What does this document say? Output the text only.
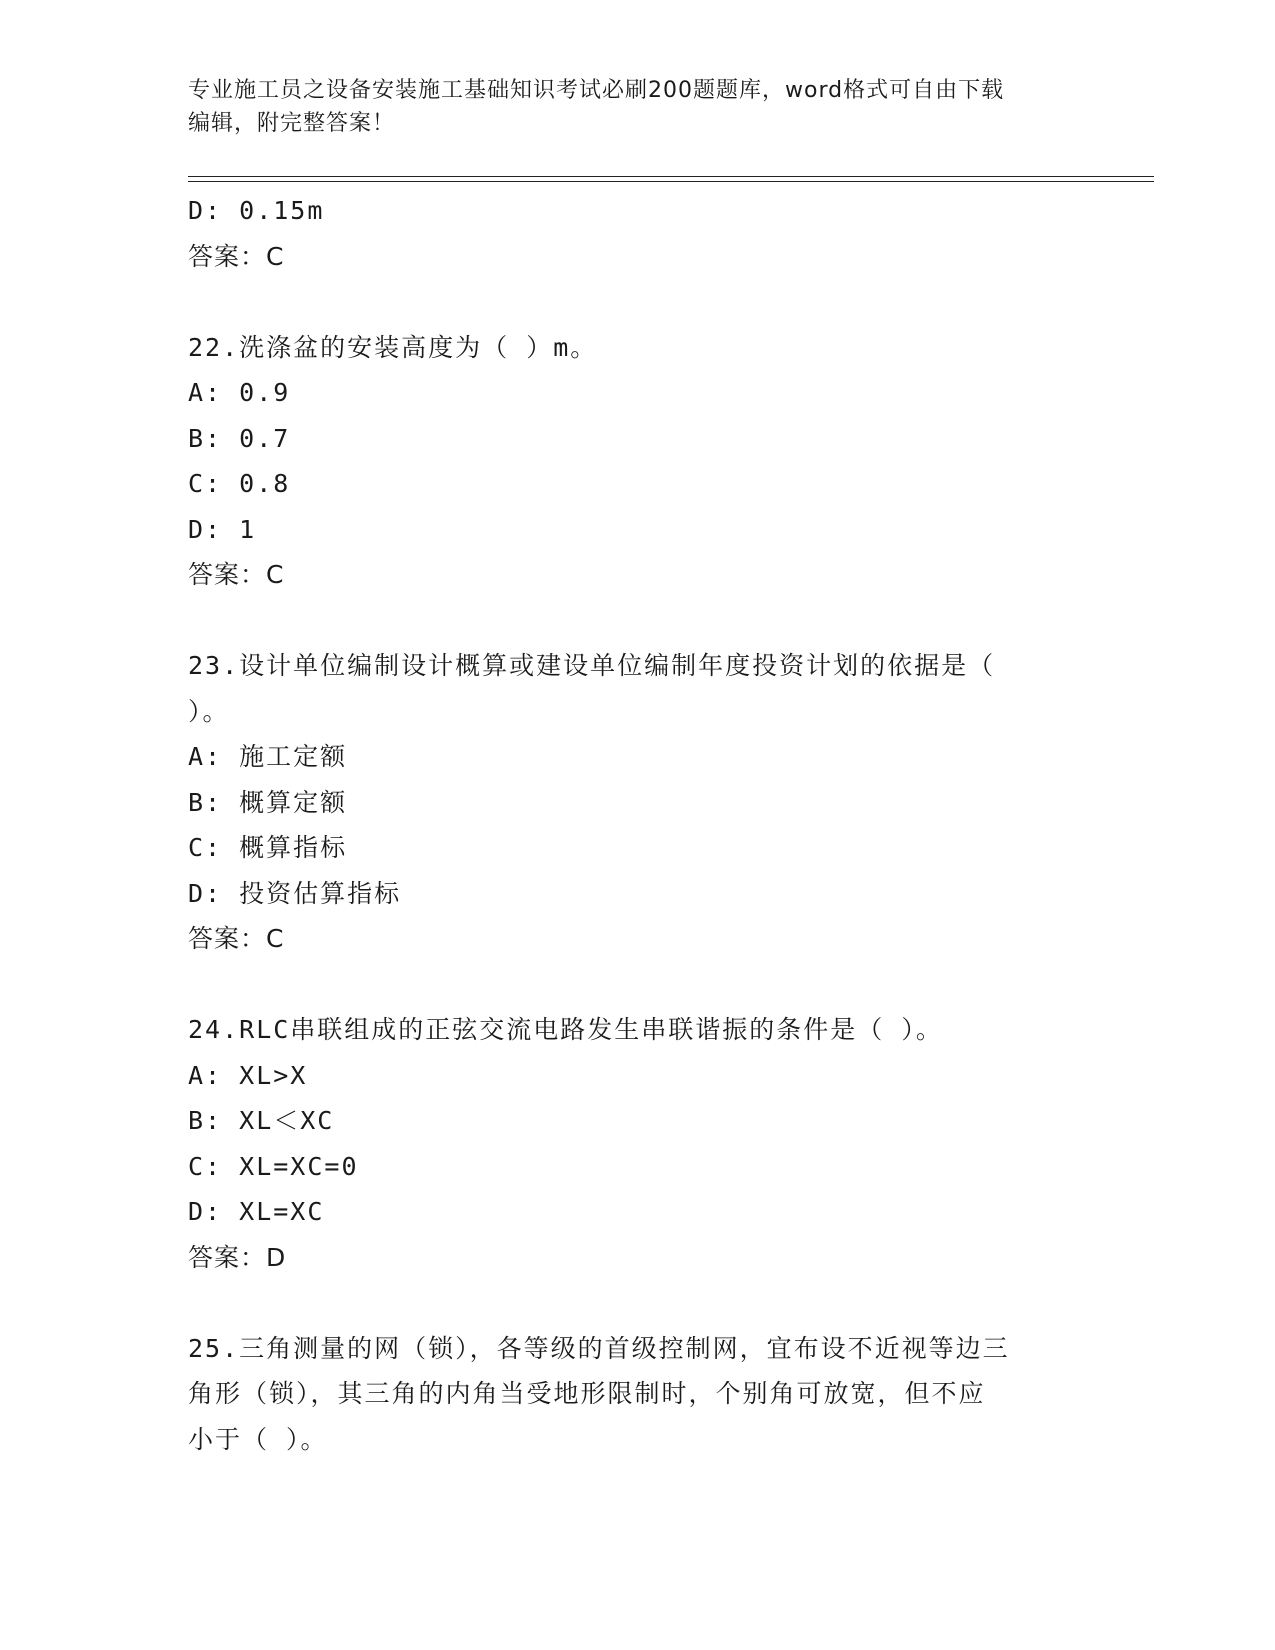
专业施工员之设备安装施工基础知识考试必刷200题题库，word格式可自由下载
编辑，附完整答案！
D: 0.15m
答案：C
22.洗涤盆的安装高度为（ ）m。
A: 0.9
B: 0.7
C: 0.8
D: 1
答案：C
23.设计单位编制设计概算或建设单位编制年度投资计划的依据是（
）。
A: 施工定额
B: 概算定额
C: 概算指标
D: 投资估算指标
答案：C
24.RLC串联组成的正弦交流电路发生串联谐振的条件是（ ）。
A: XL>X
B: XL＜XC
C: XL=XC=0
D: XL=XC
答案：D
25.三角测量的网（锁），各等级的首级控制网，宜布设不近视等边三
角形（锁），其三角的内角当受地形限制时，个别角可放宽，但不应
小于（ ）。
